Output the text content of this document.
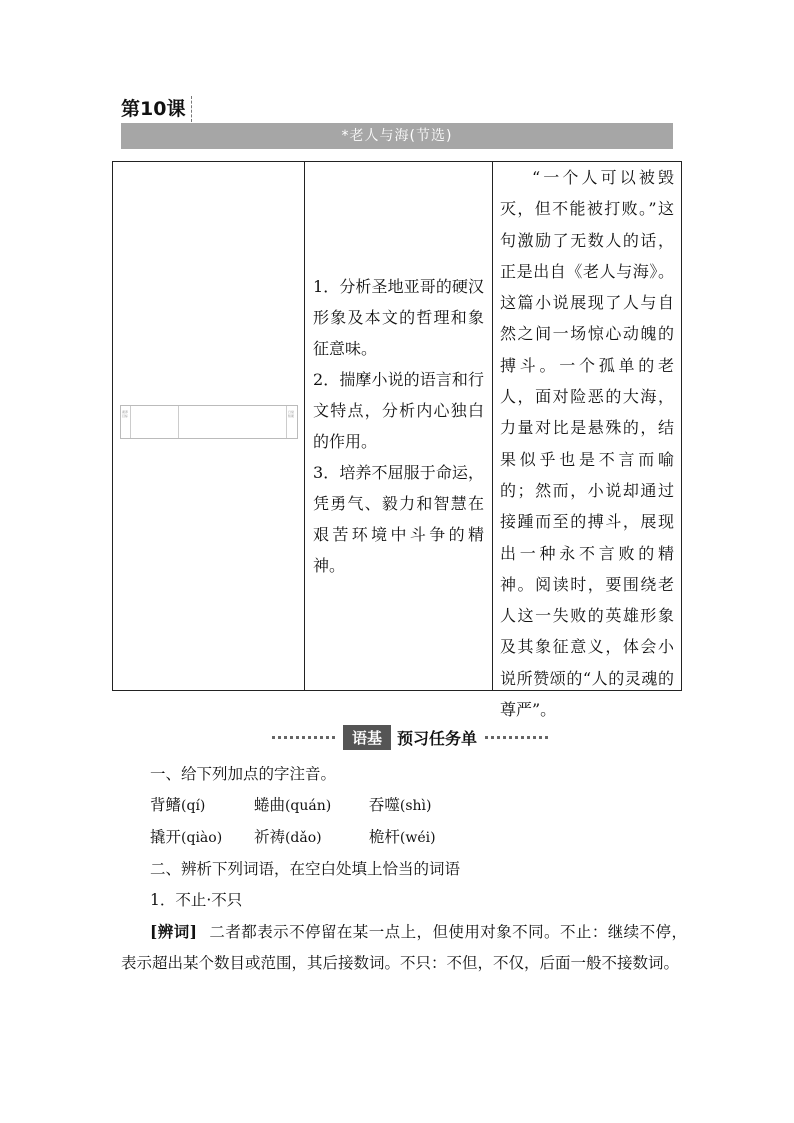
第10课
*老人与海(节选)
素养目标
日常积累

1．分析圣地亚哥的硬汉形象及本文的哲理和象征意味。

2．揣摩小说的语言和行文特点，分析内心独白的作用。

3．培养不屈服于命运，凭勇气、毅力和智慧在艰苦环境中斗争的精神。

“一个人可以被毁灭，但不能被打败。”这句激励了无数人的话，正是出自《老人与海》。这篇小说展现了人与自然之间一场惊心动魄的搏斗。一个孤单的老人，面对险恶的大海，力量对比是悬殊的，结果似乎也是不言而喻的；然而，小说却通过接踵而至的搏斗，展现出一种永不言败的精神。阅读时，要围绕老人这一失败的英雄形象及其象征意义，体会小说所赞颂的“人的灵魂的尊严”。

语基 预习任务单
一、给下列加点的字注音。
背鳍(qí)	蜷曲(quán) 吞噬(shì)
撬开(qiào) 祈祷(dǎo)	桅杆(wéi)
二、辨析下列词语，在空白处填上恰当的词语
1．不止·不只

[辨词] 二者都表示不停留在某一点上，但使用对象不同。不止：继续不停，表示超出某个数目或范围，其后接数词。不只：不但，不仅，后面一般不接数词。
